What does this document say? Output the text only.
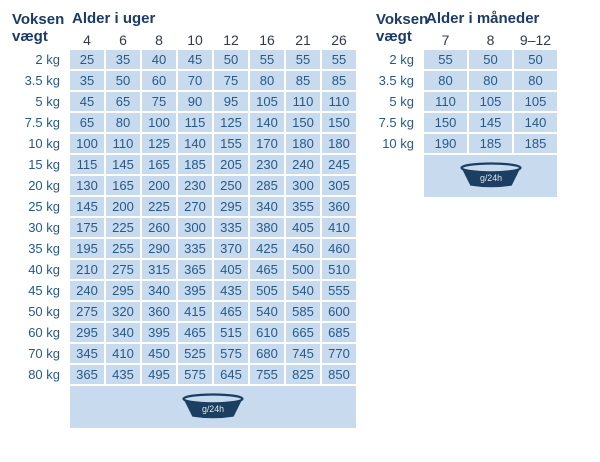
Voksen
vægt
Alder i uger
4	6	8	10	12	16	21	26
2 kg	25	35	40	45	50	55	55	55
3.5 kg	35	50	60	70	75	80	85	85
5 kg	45	65	75	90	95	105	110	110
7.5 kg	65	80	100	115	125	140	150	150
10 kg	100	110	125	140	155	170	180	180
15 kg	115	145	165	185	205	230	240	245
20 kg	130	165	200	230	250	285	300	305
25 kg	145	200	225	270	295	340	355	360
30 kg	175	225	260	300	335	380	405	410
35 kg	195	255	290	335	370	425	450	460
40 kg	210	275	315	365	405	465	500	510
45 kg	240	295	340	395	435	505	540	555
50 kg	275	320	360	415	465	540	585	600
60 kg	295	340	395	465	515	610	665	685
70 kg	345	410	450	525	575	680	745	770
80 kg	365	435	495	575	645	755	825	850
g/24h
Voksen
vægt
Alder i måneder
7	8	9–12
2 kg	55	50	50
3.5 kg	80	80	80
5 kg	110	105	105
7.5 kg	150	145	140
10 kg	190	185	185
g/24h
